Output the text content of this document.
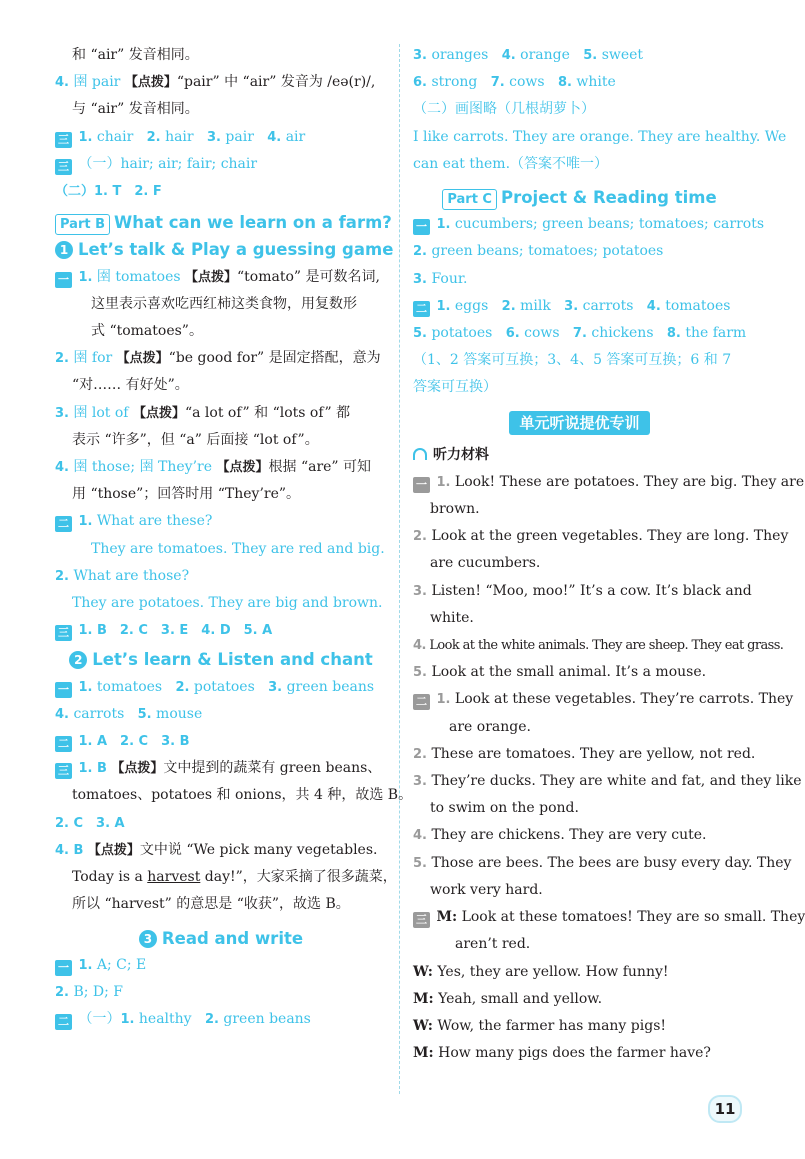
和 “air” 发音相同。
4. 圉 pair 【点拨】“pair” 中 “air” 发音为 /eə(r)/,
与 “air” 发音相同。
三 1. chair 2. hair 3. pair 4. air
三 （一）hair; air; fair; chair
（二）1. T　2. F
Part B What can we learn on a farm?
1 Let’s talk & Play a guessing game
一 1. 圉 tomatoes 【点拨】“tomato” 是可数名词,
这里表示喜欢吃西红柿这类食物，用复数形
式 “tomatoes”。
2. 圉 for 【点拨】“be good for” 是固定搭配，意为
“对…… 有好处”。
3. 圉 lot of 【点拨】“a lot of” 和 “lots of” 都
表示 “许多”，但 “a” 后面接 “lot of”。
4. 圉 those; 圉 They’re 【点拨】根据 “are” 可知
用 “those”；回答时用 “They’re”。
二 1. What are these?
They are tomatoes. They are red and big.
2. What are those?
They are potatoes. They are big and brown.
三 1. B　2. C　3. E　4. D　5. A
2 Let’s learn & Listen and chant
一 1. tomatoes 2. potatoes 3. green beans
4. carrots 5. mouse
二 1. A　2. C　3. B
三 1. B 【点拨】文中提到的蔬菜有 green beans、
tomatoes、potatoes 和 onions，共 4 种，故选 B。
2. C　3. A
4. B 【点拨】文中说 “We pick many vegetables.
Today is a harvest day!”，大家采摘了很多蔬菜，
所以 “harvest” 的意思是 “收获”，故选 B。
3 Read and write
一 1. A; C; E
2. B; D; F
二 （一）1. healthy 2. green beans
3. oranges 4. orange 5. sweet
6. strong 7. cows 8. white
（二）画图略（几根胡萝卜）
I like carrots. They are orange. They are healthy. We
can eat them.（答案不唯一）
Part C Project & Reading time
一 1. cucumbers; green beans; tomatoes; carrots
2. green beans; tomatoes; potatoes
3. Four.
二 1. eggs 2. milk 3. carrots 4. tomatoes
5. potatoes 6. cows 7. chickens 8. the farm
（1、2 答案可互换；3、4、5 答案可互换；6 和 7
答案可互换）
单元听说提优专训
听力材料
一 1. Look! These are potatoes. They are big. They are
brown.
2. Look at the green vegetables. They are long. They
are cucumbers.
3. Listen! “Moo, moo!” It’s a cow. It’s black and
white.
4. Look at the white animals. They are sheep. They eat grass.
5. Look at the small animal. It’s a mouse.
二 1. Look at these vegetables. They’re carrots. They
are orange.
2. These are tomatoes. They are yellow, not red.
3. They’re ducks. They are white and fat, and they like
to swim on the pond.
4. They are chickens. They are very cute.
5. Those are bees. The bees are busy every day. They
work very hard.
三 M: Look at these tomatoes! They are so small. They
aren’t red.
W: Yes, they are yellow. How funny!
M: Yeah, small and yellow.
W: Wow, the farmer has many pigs!
M: How many pigs does the farmer have?
11
